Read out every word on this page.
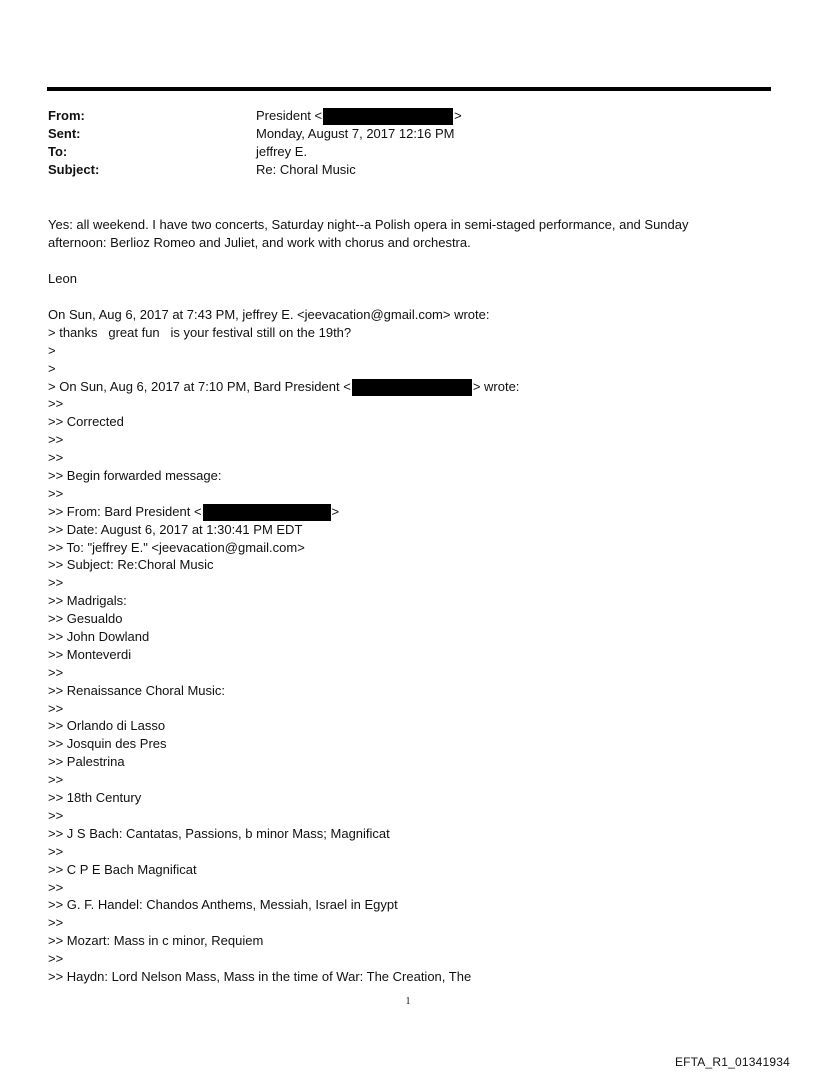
From:	President <	>
Sent:	Monday, August 7, 2017 12:16 PM
To:	jeffrey E.
Subject:	Re: Choral Music

Yes: all weekend. I have two concerts, Saturday night--a Polish opera in semi-staged performance, and Sunday afternoon: Berlioz Romeo and Juliet, and work with chorus and orchestra.

Leon

On Sun, Aug 6, 2017 at 7:43 PM, jeffrey E. <jeevacation@gmail.com> wrote:
> thanks   great fun   is your festival still on the 19th?
>
>
> On Sun, Aug 6, 2017 at 7:10 PM, Bard President <	> wrote:
>>
>> Corrected
>>
>>
>> Begin forwarded message:
>>
>> From: Bard President <	>
>> Date: August 6, 2017 at 1:30:41 PM EDT
>> To: "jeffrey E." <jeevacation@gmail.com>
>> Subject: Re:Choral Music
>>
>> Madrigals:
>> Gesualdo
>> John Dowland
>> Monteverdi
>>
>> Renaissance Choral Music:
>>
>> Orlando di Lasso
>> Josquin des Pres
>> Palestrina
>>
>> 18th Century
>>
>> J S Bach: Cantatas, Passions, b minor Mass; Magnificat
>>
>> C P E Bach Magnificat
>>
>> G. F. Handel: Chandos Anthems, Messiah, Israel in Egypt
>>
>> Mozart: Mass in c minor, Requiem
>>
>> Haydn: Lord Nelson Mass, Mass in the time of War: The Creation, The
1
EFTA_R1_01341934
